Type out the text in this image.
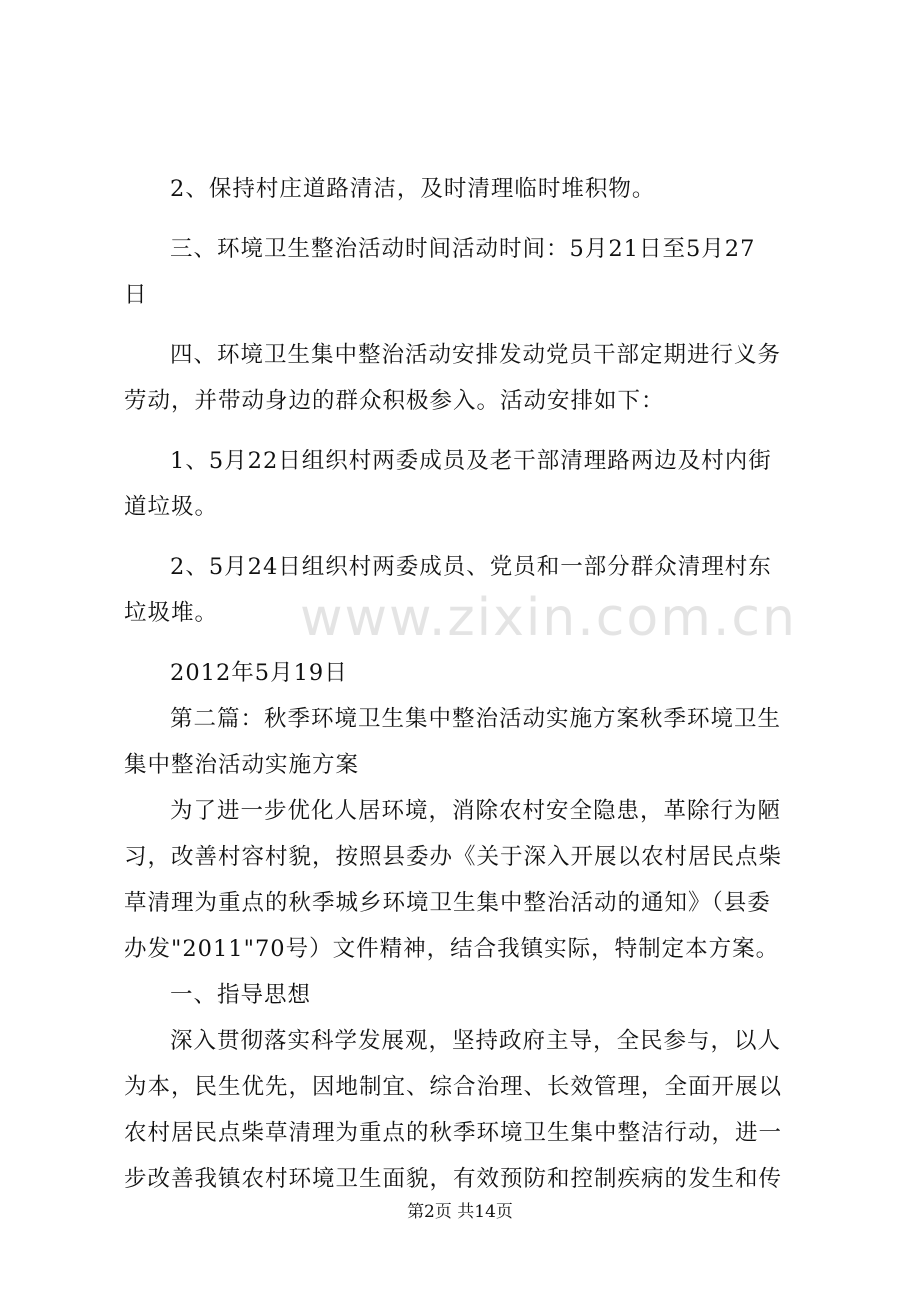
www.zixin.com.cn
2、保持村庄道路清洁，及时清理临时堆积物。
三、环境卫生整治活动时间活动时间：5月21日至5月27
日
四、环境卫生集中整治活动安排发动党员干部定期进行义务
劳动，并带动身边的群众积极参入。活动安排如下：
1、5月22日组织村两委成员及老干部清理路两边及村内街
道垃圾。
2、5月24日组织村两委成员、党员和一部分群众清理村东
垃圾堆。
2012年5月19日
第二篇：秋季环境卫生集中整治活动实施方案秋季环境卫生
集中整治活动实施方案
为了进一步优化人居环境，消除农村安全隐患，革除行为陋
习，改善村容村貌，按照县委办《关于深入开展以农村居民点柴
草清理为重点的秋季城乡环境卫生集中整治活动的通知》（县委
办发"2011"70号）文件精神，结合我镇实际，特制定本方案。
一、指导思想
深入贯彻落实科学发展观，坚持政府主导，全民参与，以人
为本，民生优先，因地制宜、综合治理、长效管理，全面开展以
农村居民点柴草清理为重点的秋季环境卫生集中整洁行动，进一
步改善我镇农村环境卫生面貌，有效预防和控制疾病的发生和传
第2页 共14页
